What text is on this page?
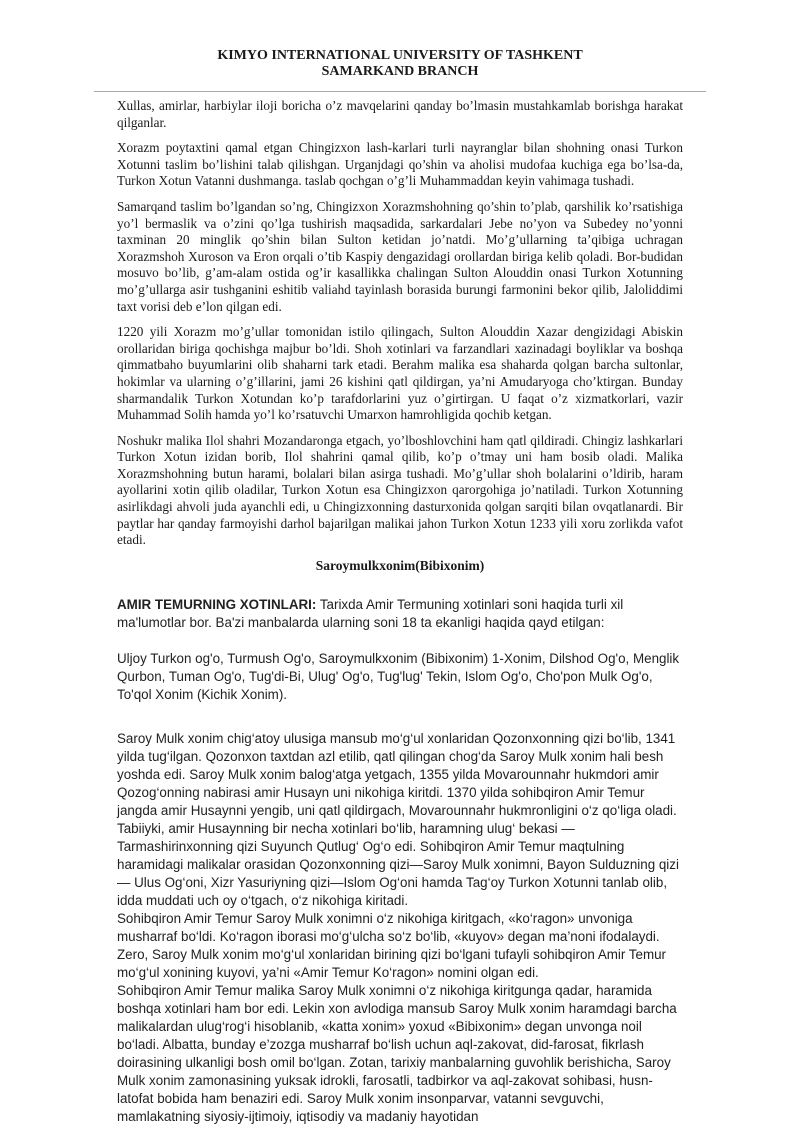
KIMYO INTERNATIONAL UNIVERSITY OF TASHKENT
SAMARKAND BRANCH

Xullas, amirlar, harbiylar iloji boricha o’z mavqelarini qanday bo’lmasin mustahkamlab borishga harakat qilganlar.

Xorazm poytaxtini qamal etgan Chingizxon lash-karlari turli nayranglar bilan shohning onasi Turkon Xotunni taslim bo’lishini talab qilishgan. Urganjdagi qo’shin va aholisi mudofaa kuchiga ega bo’lsa-da, Turkon Xotun Vatanni dushmanga. taslab qochgan o’g’li Muhammaddan keyin vahimaga tushadi.

Samarqand taslim bo’lgandan so’ng, Chingizxon Xorazmshohning qo’shin to’plab, qarshilik ko’rsatishiga yo’l bermaslik va o’zini qo’lga tushirish maqsadida, sarkardalari Jebe no’yon va Subedey no’yonni taxminan 20 minglik qo’shin bilan Sulton ketidan jo’natdi. Mo’g’ullarning ta’qibiga uchragan Xorazmshoh Xuroson va Eron orqali o’tib Kaspiy dengazidagi orollardan biriga kelib qoladi. Bor-budidan mosuvo bo’lib, g’am-alam ostida og’ir kasallikka chalingan Sulton Alouddin onasi Turkon Xotunning mo’g’ullarga asir tushganini eshitib valiahd tayinlash borasida burungi farmonini bekor qilib, Jaloliddimi taxt vorisi deb e’lon qilgan edi.

1220 yili Xorazm mo’g’ullar tomonidan istilo qilingach, Sulton Alouddin Xazar dengizidagi Abiskin orollaridan biriga qochishga majbur bo’ldi. Shoh xotinlari va farzandlari xazinadagi boyliklar va boshqa qimmatbaho buyumlarini olib shaharni tark etadi. Berahm malika esa shaharda qolgan barcha sultonlar, hokimlar va ularning o’g’illarini, jami 26 kishini qatl qildirgan, ya’ni Amudaryoga cho’ktirgan. Bunday sharmandalik Turkon Xotundan ko’p tarafdorlarini yuz o’girtirgan. U faqat o’z xizmatkorlari, vazir Muhammad Solih hamda yo’l ko’rsatuvchi Umarxon hamrohligida qochib ketgan.

Noshukr malika Ilol shahri Mozandaronga etgach, yo’lboshlovchini ham qatl qildiradi. Chingiz lashkarlari Turkon Xotun izidan borib, Ilol shahrini qamal qilib, ko’p o’tmay uni ham bosib oladi. Malika Xorazmshohning butun harami, bolalari bilan asirga tushadi. Mo’g’ullar shoh bolalarini o’ldirib, haram ayollarini xotin qilib oladilar, Turkon Xotun esa Chingizxon qarorgohiga jo’natiladi. Turkon Xotunning asirlikdagi ahvoli juda ayanchli edi, u Chingizxonning dasturxonida qolgan sarqiti bilan ovqatlanardi. Bir paytlar har qanday farmoyishi darhol bajarilgan malikai jahon Turkon Xotun 1233 yili xoru zorlikda vafot etadi.

Saroymulkxonim(Bibixonim)

AMIR TEMURNING XOTINLARI: Tarixda Amir Termuning xotinlari soni haqida turli xil ma'lumotlar bor. Ba'zi manbalarda ularning soni 18 ta ekanligi haqida qayd etilgan:

Uljoy Turkon og'o, Turmush Og'o, Saroymulkxonim (Bibixonim) 1-Xonim, Dilshod Og'o, Menglik Qurbon, Tuman Og'o, Tug'di-Bi, Ulug' Og'o, Tug'lug' Tekin, Islom Og'o, Cho'pon Mulk Og'o, To'qol Xonim (Kichik Xonim).

Saroy Mulk xonim chig‘atoy ulusiga mansub mo‘g‘ul xonlaridan Qozonxonning qizi bo‘lib, 1341 yilda tug‘ilgan. Qozonxon taxtdan azl etilib, qatl qilingan chog‘da Saroy Mulk xonim hali besh yoshda edi. Saroy Mulk xonim balog‘atga yetgach, 1355 yilda Movarounnahr hukmdori amir Qozog‘onning nabirasi amir Husayn uni nikohiga kiritdi. 1370 yilda sohibqiron Amir Temur jangda amir Husaynni yengib, uni qatl qildirgach, Movarounnahr hukmronligini o‘z qo‘liga oladi. Tabiiyki, amir Husaynning bir necha xotinlari bo‘lib, haramning ulug‘ bekasi — Tarmashirinxonning qizi Suyunch Qutlug‘ Og‘o edi. Sohibqiron Amir Temur maqtulning haramidagi malikalar orasidan Qozonxonning qizi—Saroy Mulk xonimni, Bayon Sulduzning qizi — Ulus Og‘oni, Xizr Yasuriyning qizi—Islom Og‘oni hamda Tag‘oy Turkon Xotunni tanlab olib, idda muddati uch oy o‘tgach, o‘z nikohiga kiritadi.

Sohibqiron Amir Temur Saroy Mulk xonimni o‘z nikohiga kiritgach, «ko‘ragon» unvoniga musharraf bo‘ldi. Ko‘ragon iborasi mo‘g‘ulcha so‘z bo‘lib, «kuyov» degan ma’noni ifodalaydi. Zero, Saroy Mulk xonim mo‘g‘ul xonlaridan birining qizi bo‘lgani tufayli sohibqiron Amir Temur mo‘g‘ul xonining kuyovi, ya’ni «Amir Temur Ko‘ragon» nomini olgan edi.

Sohibqiron Amir Temur malika Saroy Mulk xonimni o‘z nikohiga kiritgunga qadar, haramida boshqa xotinlari ham bor edi. Lekin xon avlodiga mansub Saroy Mulk xonim haramdagi barcha malikalardan ulug‘rog‘i hisoblanib, «katta xonim» yoxud «Bibixonim» degan unvonga noil bo‘ladi. Albatta, bunday e’zozga musharraf bo‘lish uchun aql-zakovat, did-farosat, fikrlash doirasining ulkanligi bosh omil bo‘lgan. Zotan, tarixiy manbalarning guvohlik berishicha, Saroy Mulk xonim zamonasining yuksak idrokli, farosatli, tadbirkor va aql-zakovat sohibasi, husn-latofat bobida ham benaziri edi. Saroy Mulk xonim insonparvar, vatanni sevguvchi, mamlakatning siyosiy-ijtimoiy, iqtisodiy va madaniy hayotidan
